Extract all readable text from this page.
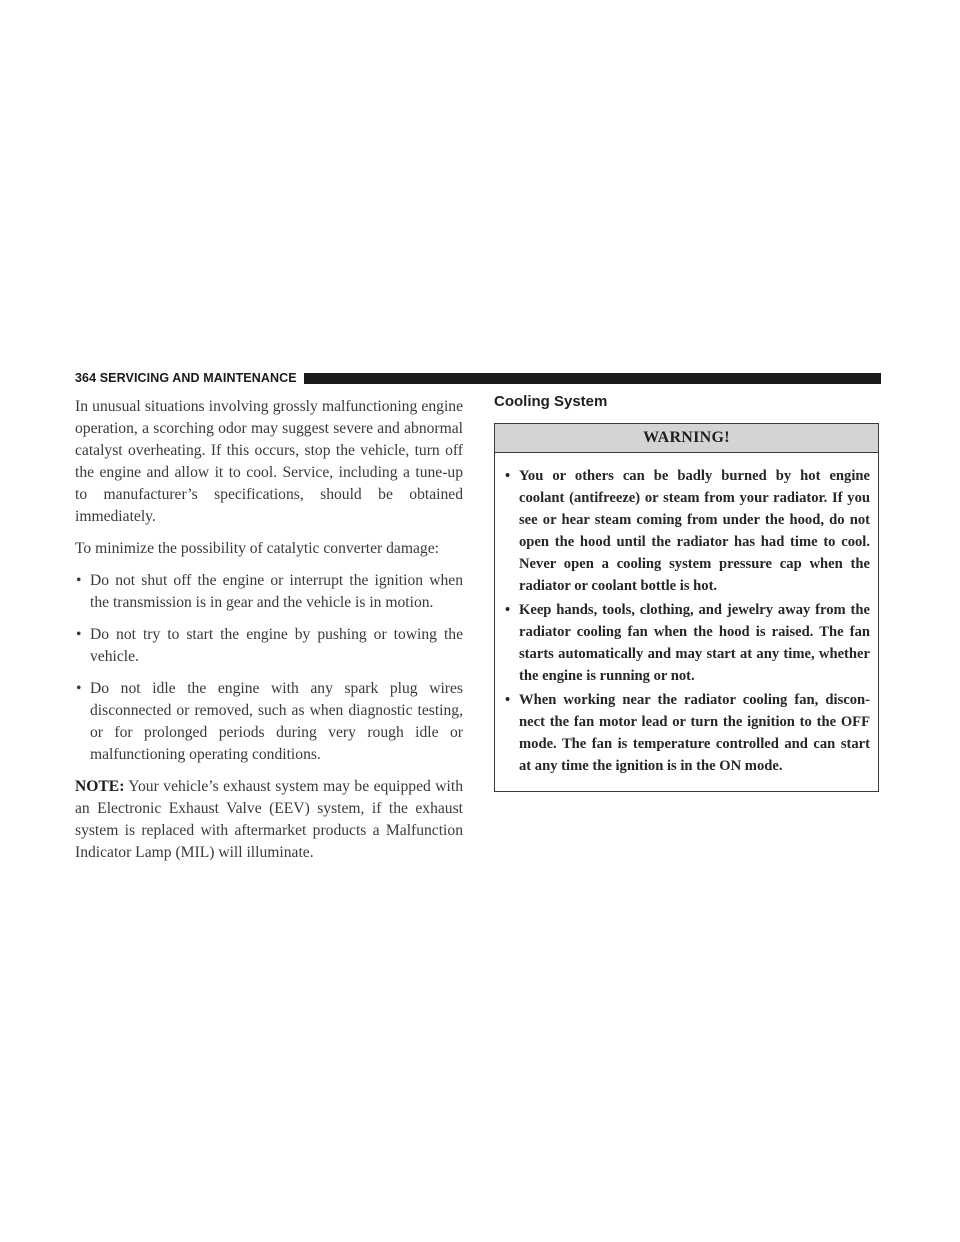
364 SERVICING AND MAINTENANCE

In unusual situations involving grossly malfunctioning engine operation, a scorching odor may suggest severe and abnormal catalyst overheating. If this occurs, stop the vehicle, turn off the engine and allow it to cool. Service, including a tune-up to manufacturer’s specifications, should be obtained immediately.

To minimize the possibility of catalytic converter damage:

• Do not shut off the engine or interrupt the ignition when the transmission is in gear and the vehicle is in motion.
• Do not try to start the engine by pushing or towing the vehicle.
• Do not idle the engine with any spark plug wires disconnected or removed, such as when diagnostic testing, or for prolonged periods during very rough idle or malfunctioning operating conditions.

NOTE: Your vehicle’s exhaust system may be equipped with an Electronic Exhaust Valve (EEV) system, if the exhaust system is replaced with aftermarket products a Malfunction Indicator Lamp (MIL) will illuminate.

Cooling System
WARNING!
• You or others can be badly burned by hot engine coolant (antifreeze) or steam from your radiator. If you see or hear steam coming from under the hood, do not open the hood until the radiator has had time to cool. Never open a cooling system pressure cap when the radiator or coolant bottle is hot.
• Keep hands, tools, clothing, and jewelry away from the radiator cooling fan when the hood is raised. The fan starts automatically and may start at any time, whether the engine is running or not.
• When working near the radiator cooling fan, discon-nect the fan motor lead or turn the ignition to the OFF mode. The fan is temperature controlled and can start at any time the ignition is in the ON mode.
